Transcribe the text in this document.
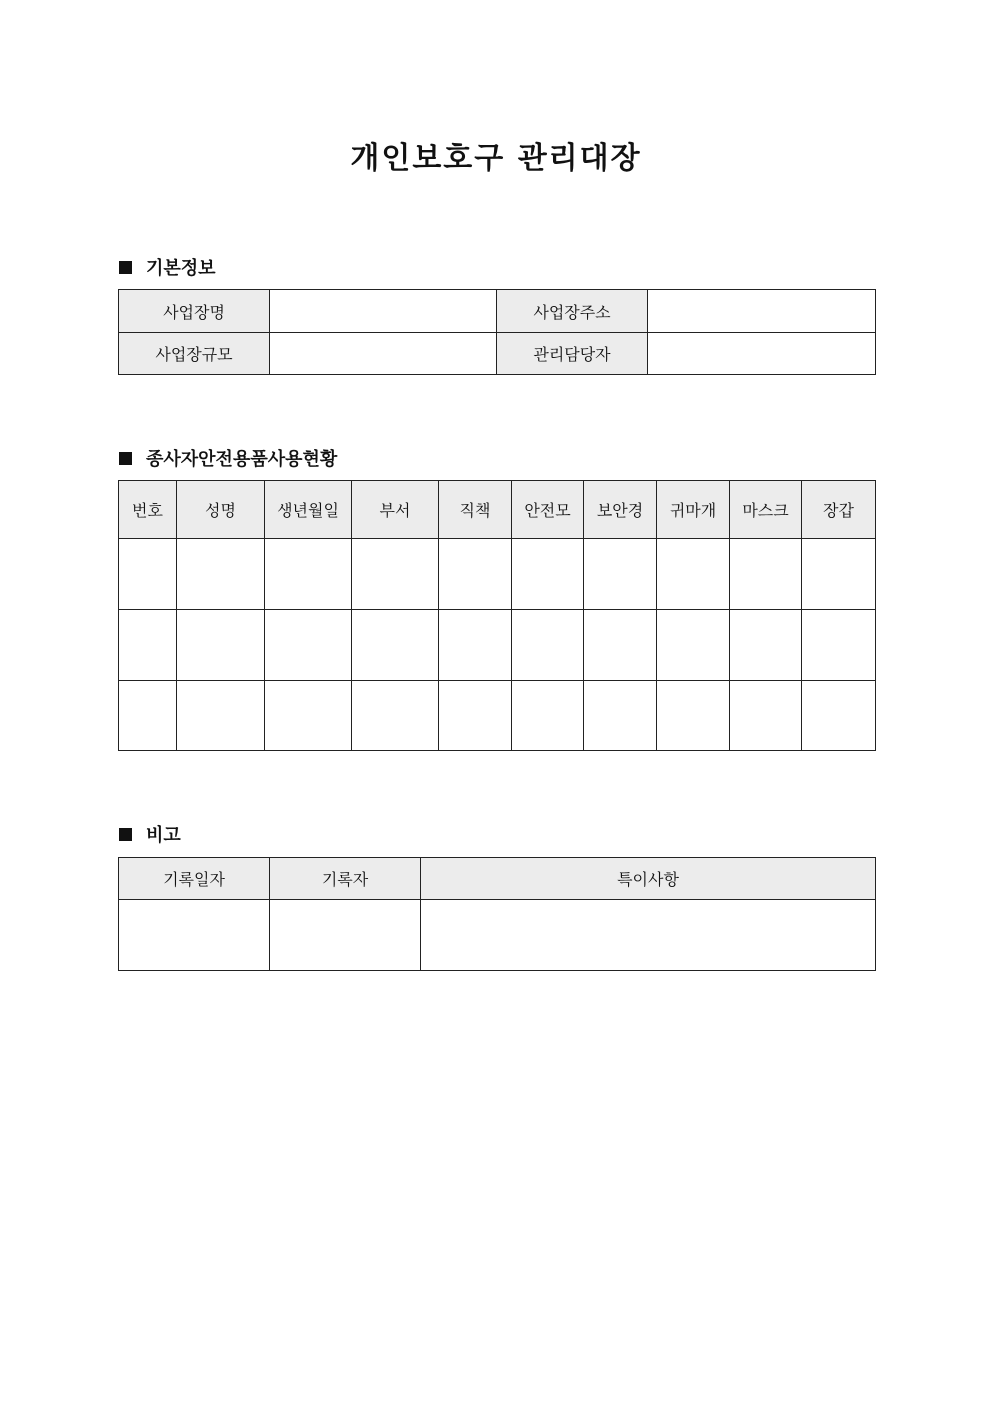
개인보호구 관리대장
기본정보
사업장명		사업장주소	
사업장규모		관리담당자	
종사자안전용품사용현황
번호	성명	생년월일	부서	직책	안전모	보안경	귀마개	마스크	장갑

비고
기록일자	기록자	특이사항
